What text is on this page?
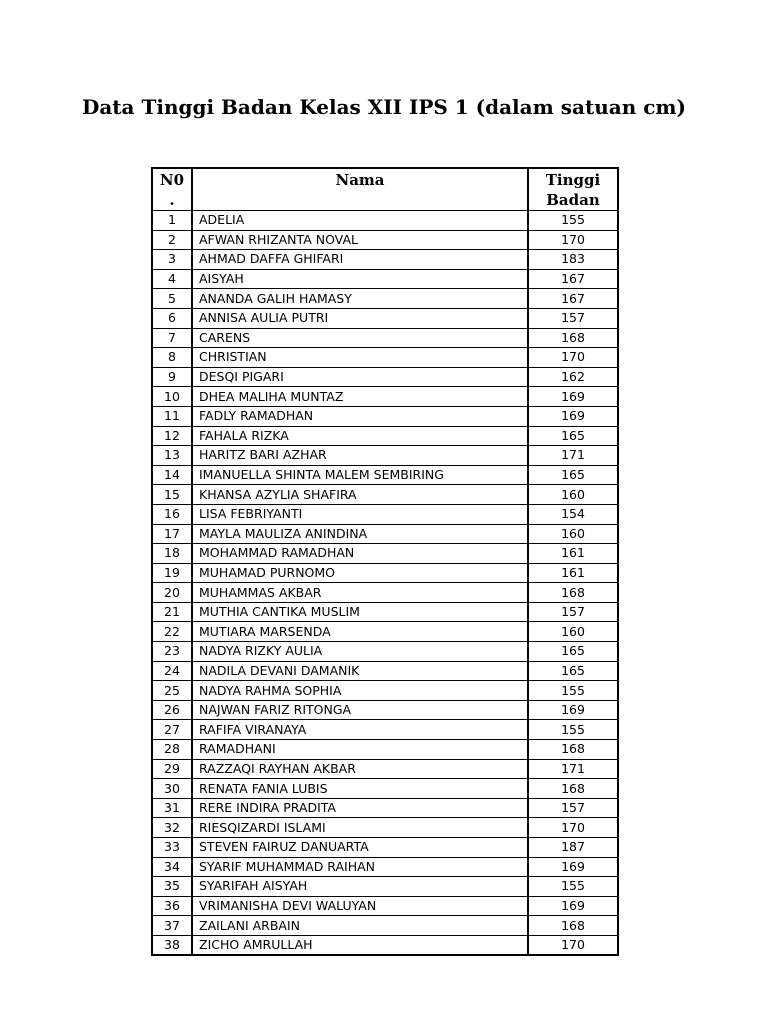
Data Tinggi Badan Kelas XII IPS 1 (dalam satuan cm)
N0 .	Nama	Tinggi Badan
1	ADELIA	155
2	AFWAN RHIZANTA NOVAL	170
3	AHMAD DAFFA GHIFARI	183
4	AISYAH	167
5	ANANDA GALIH HAMASY	167
6	ANNISA AULIA PUTRI	157
7	CARENS	168
8	CHRISTIAN	170
9	DESQI PIGARI	162
10	DHEA MALIHA MUNTAZ	169
11	FADLY RAMADHAN	169
12	FAHALA RIZKA	165
13	HARITZ BARI AZHAR	171
14	IMANUELLA SHINTA MALEM SEMBIRING	165
15	KHANSA AZYLIA SHAFIRA	160
16	LISA FEBRIYANTI	154
17	MAYLA MAULIZA ANINDINA	160
18	MOHAMMAD RAMADHAN	161
19	MUHAMAD PURNOMO	161
20	MUHAMMAS AKBAR	168
21	MUTHIA CANTIKA MUSLIM	157
22	MUTIARA MARSENDA	160
23	NADYA RIZKY AULIA	165
24	NADILA DEVANI DAMANIK	165
25	NADYA RAHMA SOPHIA	155
26	NAJWAN FARIZ RITONGA	169
27	RAFIFA VIRANAYA	155
28	RAMADHANI	168
29	RAZZAQI RAYHAN AKBAR	171
30	RENATA FANIA LUBIS	168
31	RERE INDIRA PRADITA	157
32	RIESQIZARDI ISLAMI	170
33	STEVEN FAIRUZ DANUARTA	187
34	SYARIF MUHAMMAD RAIHAN	169
35	SYARIFAH AISYAH	155
36	VRIMANISHA DEVI WALUYAN	169
37	ZAILANI ARBAIN	168
38	ZICHO AMRULLAH	170
